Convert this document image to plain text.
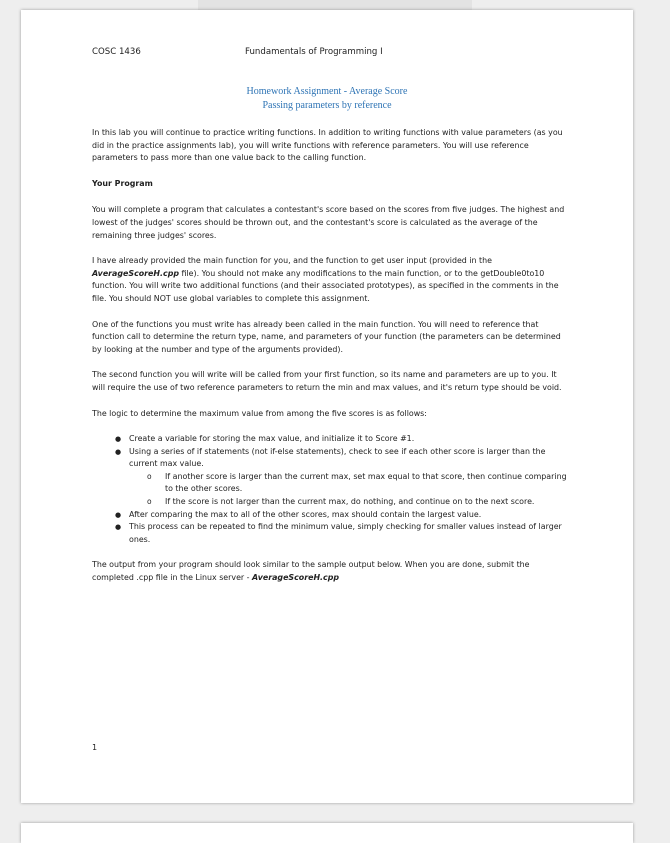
COSC 1436	Fundamentals of Programming I
Homework Assignment - Average Score
Passing parameters by reference

In this lab you will continue to practice writing functions. In addition to writing functions with value parameters (as you did in the practice assignments lab), you will write functions with reference parameters. You will use reference parameters to pass more than one value back to the calling function.

Your Program

You will complete a program that calculates a contestant's score based on the scores from five judges. The highest and lowest of the judges' scores should be thrown out, and the contestant's score is calculated as the average of the remaining three judges' scores.

I have already provided the main function for you, and the function to get user input (provided in the AverageScoreH.cpp file). You should not make any modifications to the main function, or to the getDouble0to10 function. You will write two additional functions (and their associated prototypes), as specified in the comments in the file. You should NOT use global variables to complete this assignment.

One of the functions you must write has already been called in the main function. You will need to reference that function call to determine the return type, name, and parameters of your function (the parameters can be determined by looking at the number and type of the arguments provided).

The second function you will write will be called from your first function, so its name and parameters are up to you. It will require the use of two reference parameters to return the min and max values, and it's return type should be void.

The logic to determine the maximum value from among the five scores is as follows:

● Create a variable for storing the max value, and initialize it to Score #1.
● Using a series of if statements (not if-else statements), check to see if each other score is larger than the current max value.
o If another score is larger than the current max, set max equal to that score, then continue comparing to the other scores.
o If the score is not larger than the current max, do nothing, and continue on to the next score.
● After comparing the max to all of the other scores, max should contain the largest value.
● This process can be repeated to find the minimum value, simply checking for smaller values instead of larger ones.

The output from your program should look similar to the sample output below. When you are done, submit the completed .cpp file in the Linux server - AverageScoreH.cpp

1
